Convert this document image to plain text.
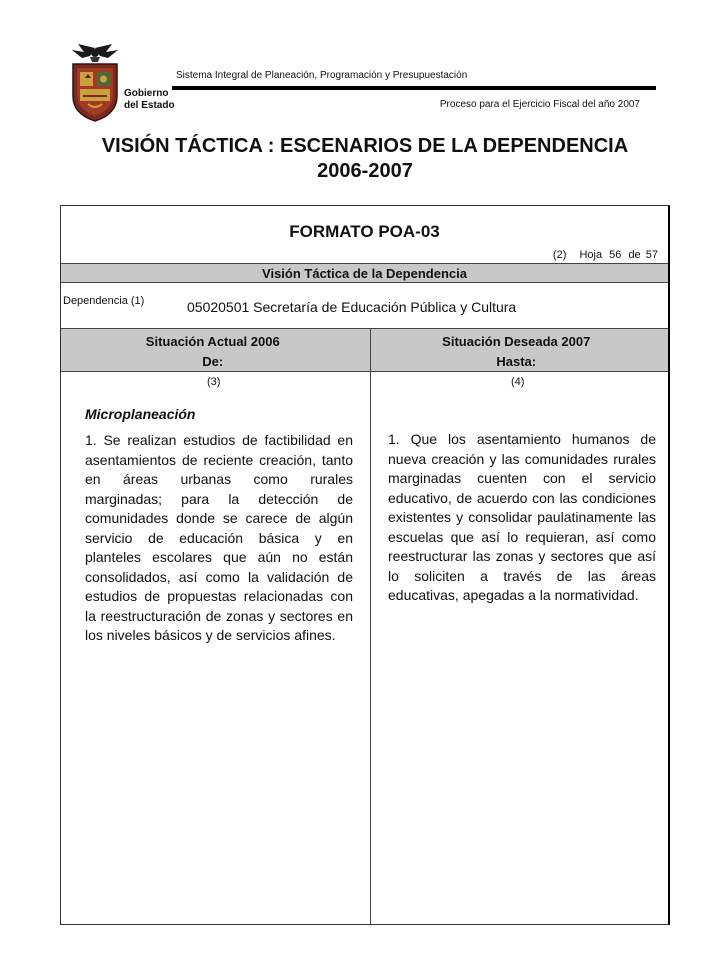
Gobierno
del Estado
Sistema Integral de Planeación, Programación y Presupuestación
Proceso para el Ejercicio Fiscal del año 2007
VISIÓN TÁCTICA : ESCENARIOS DE LA DEPENDENCIA
2006-2007
FORMATO POA-03
(2) Hoja 56 de 57
Visión Táctica de la Dependencia
Dependencia (1)	05020501 Secretaría de Educación Pública y Cultura
Situación Actual 2006
De:
Situación Deseada 2007
Hasta:
(3)	(4)
Microplaneación

1. Se realizan estudios de factibilidad en asentamientos de reciente creación, tanto en áreas urbanas como rurales marginadas; para la detección de comunidades donde se carece de algún servicio de educación básica y en planteles escolares que aún no están consolidados, así como la validación de estudios de propuestas relacionadas con la reestructuración de zonas y sectores en los niveles básicos y de servicios afines.

1. Que los asentamiento humanos de nueva creación y las comunidades rurales marginadas cuenten con el servicio educativo, de acuerdo con las condiciones existentes y consolidar paulatinamente las escuelas que así lo requieran, así como reestructurar las zonas y sectores que así lo soliciten a través de las áreas educativas, apegadas a la normatividad.
